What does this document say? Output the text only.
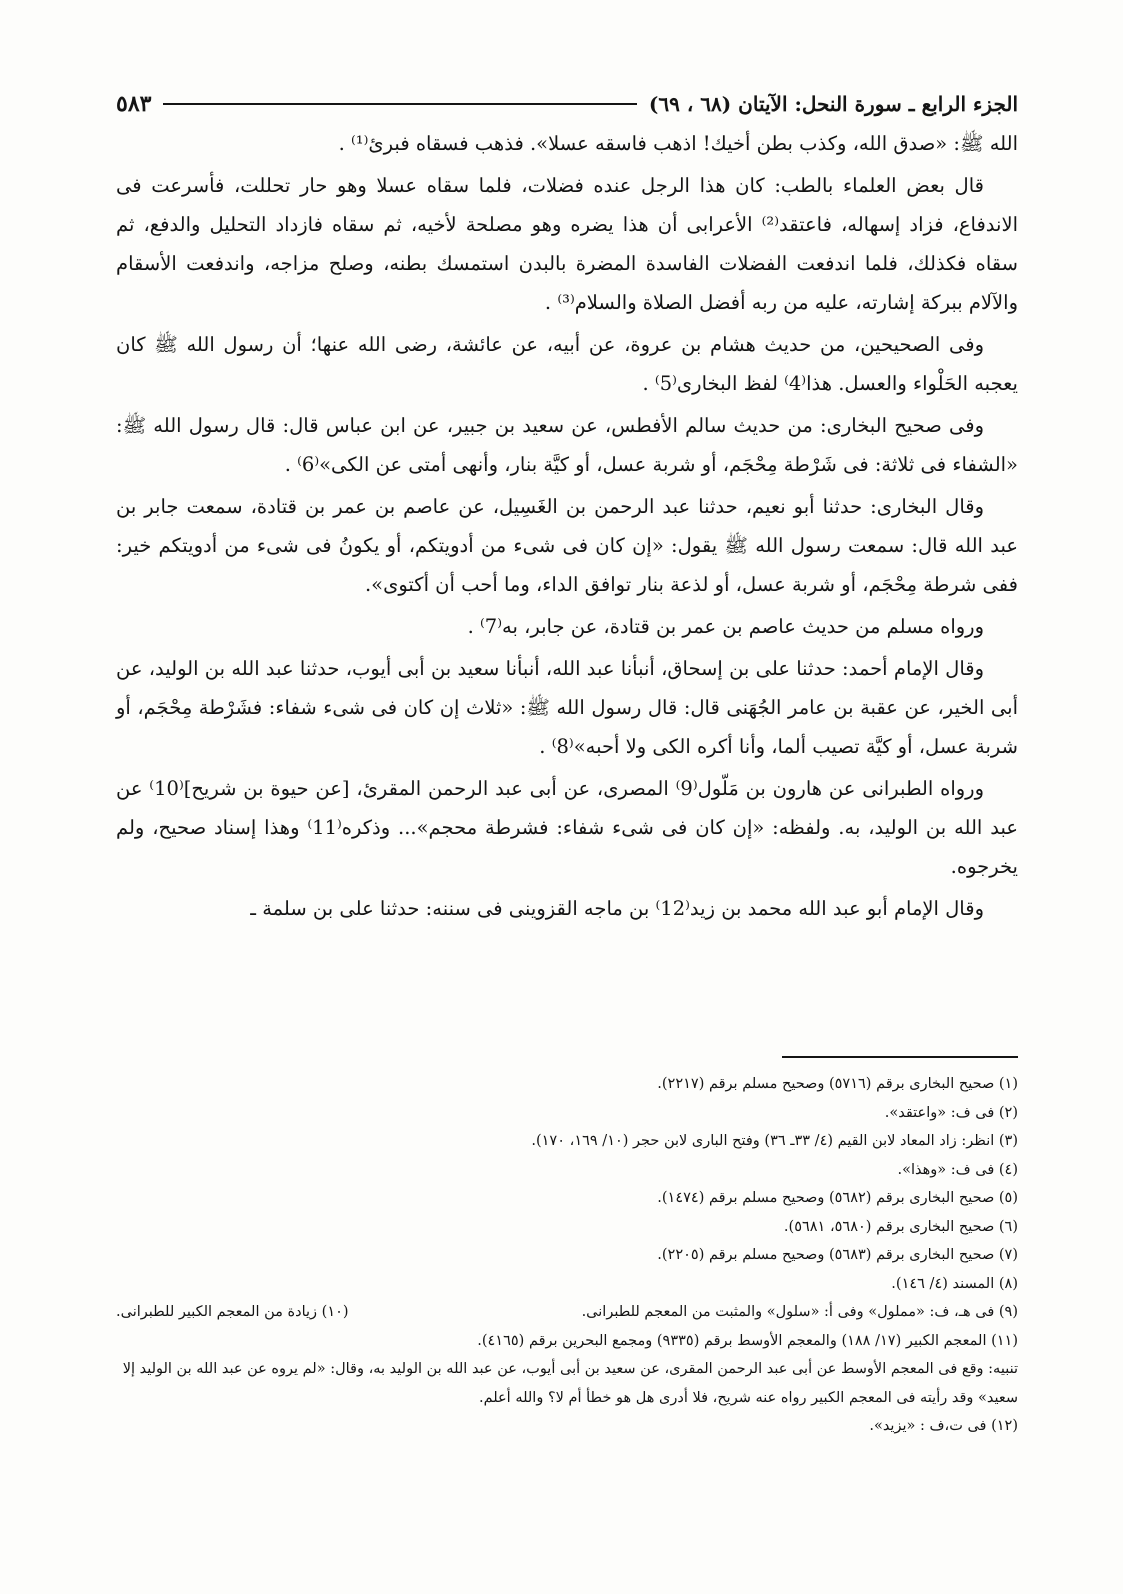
الجزء الرابع ـ سورة النحل: الآيتان (٦٨ ، ٦٩)
٥٨٣

الله ﷺ: «صدق الله، وكذب بطن أخيك! اذهب فاسقه عسلا». فذهب فسقاه فبرئ⁽¹⁾ .

قال بعض العلماء بالطب: كان هذا الرجل عنده فضلات، فلما سقاه عسلا وهو حار تحللت، فأسرعت فى الاندفاع، فزاد إسهاله، فاعتقد⁽²⁾ الأعرابى أن هذا يضره وهو مصلحة لأخيه، ثم سقاه فازداد التحليل والدفع، ثم سقاه فكذلك، فلما اندفعت الفضلات الفاسدة المضرة بالبدن استمسك بطنه، وصلح مزاجه، واندفعت الأسقام والآلام ببركة إشارته، عليه من ربه أفضل الصلاة والسلام⁽³⁾ .

وفى الصحيحين، من حديث هشام بن عروة، عن أبيه، عن عائشة، رضى الله عنها؛ أن رسول الله ﷺ كان يعجبه الحَلْواء والعسل. هذا⁽4⁾ لفظ البخارى⁽5⁾ .

وفى صحيح البخارى: من حديث سالم الأفطس، عن سعيد بن جبير، عن ابن عباس قال: قال رسول الله ﷺ: «الشفاء فى ثلاثة: فى شَرْطة مِحْجَم، أو شربة عسل، أو كيَّة بنار، وأنهى أمتى عن الكى»⁽6⁾ .

وقال البخارى: حدثنا أبو نعيم، حدثنا عبد الرحمن بن الغَسِيل، عن عاصم بن عمر بن قتادة، سمعت جابر بن عبد الله قال: سمعت رسول الله ﷺ يقول: «إن كان فى شىء من أدويتكم، أو يكونُ فى شىء من أدويتكم خير: ففى شرطة مِحْجَم، أو شربة عسل، أو لذعة بنار توافق الداء، وما أحب أن أكتوى».

ورواه مسلم من حديث عاصم بن عمر بن قتادة، عن جابر، به⁽7⁾ .

وقال الإمام أحمد: حدثنا على بن إسحاق، أنبأنا عبد الله، أنبأنا سعيد بن أبى أيوب، حدثنا عبد الله بن الوليد، عن أبى الخير، عن عقبة بن عامر الجُهَنى قال: قال رسول الله ﷺ: «ثلاث إن كان فى شىء شفاء: فشَرْطة مِحْجَم، أو شربة عسل، أو كيَّة تصيب ألما، وأنا أكره الكى ولا أحبه»⁽8⁾ .

ورواه الطبرانى عن هارون بن مَلّول⁽9⁾ المصرى، عن أبى عبد الرحمن المقرئ، [عن حيوة بن شريح]⁽10⁾ عن عبد الله بن الوليد، به. ولفظه: «إن كان فى شىء شفاء: فشرطة محجم»... وذكره⁽11⁾ وهذا إسناد صحيح، ولم يخرجوه.

وقال الإمام أبو عبد الله محمد بن زيد⁽12⁾ بن ماجه القزوينى فى سننه: حدثنا على بن سلمة ـ

(١) صحيح البخارى برقم (٥٧١٦) وصحيح مسلم برقم (٢٢١٧).

(٢) فى ف: «واعتقد».

(٣) انظر: زاد المعاد لابن القيم (٤/ ٣٣ـ ٣٦) وفتح البارى لابن حجر (١٠/ ١٦٩، ١٧٠).

(٤) فى ف: «وهذا».

(٥) صحيح البخارى برقم (٥٦٨٢) وصحيح مسلم برقم (١٤٧٤).

(٦) صحيح البخارى برقم (٥٦٨٠، ٥٦٨١).

(٧) صحيح البخارى برقم (٥٦٨٣) وصحيح مسلم برقم (٢٢٠٥).

(٨) المسند (٤/ ١٤٦).

(٩) فى هـ، ف: «مملول» وفى أ: «سلول» والمثبت من المعجم للطبرانى.
(١٠) زيادة من المعجم الكبير للطبرانى.

(١١) المعجم الكبير (١٧/ ١٨٨) والمعجم الأوسط برقم (٩٣٣٥) ومجمع البحرين برقم (٤١٦٥).

تنبيه: وقع فى المعجم الأوسط عن أبى عبد الرحمن المقرى، عن سعيد بن أبى أيوب، عن عبد الله بن الوليد به، وقال: «لم يروه عن عبد الله بن الوليد إلا سعيد» وقد رأيته فى المعجم الكبير رواه عنه شريح، فلا أدرى هل هو خطأ أم لا؟ والله أعلم.

(١٢) فى ت،ف : «يزيد».
